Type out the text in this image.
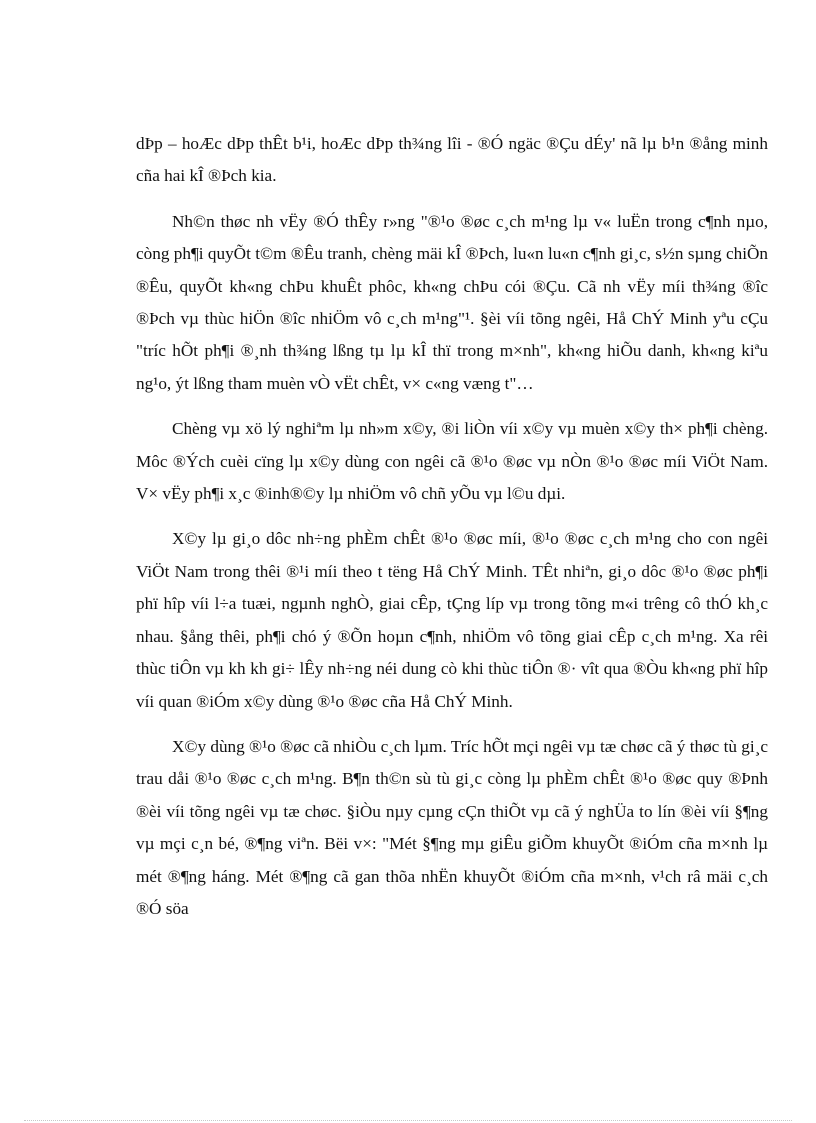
dÞp – hoÆc dÞp thÊt b¹i, hoÆc dÞp th¾ng lîi - ®Ó ngäc ®Çu dÉy' nã lµ b¹n ®ång minh cña hai kÎ ®Þch kia.

Nh©n thøc nh vËy ®Ó thÊy r»ng "®¹o ®øc c¸ch m¹ng lµ v« luËn trong c¶nh nµo, còng ph¶i quyÕt t©m ®Êu tranh, chèng mäi kÎ ®Þch, lu«n lu«n c¶nh gi¸c, s½n sµng chiÕn ®Êu, quyÕt kh«ng chÞu khuÊt phôc, kh«ng chÞu cói ®Çu. Cã nh vËy míi th¾ng ®îc ®Þch vµ thùc hiÖn ®îc nhiÖm vô c¸ch m¹ng"¹. §èi víi tõng ngêi, Hå ChÝ Minh yªu cÇu "tríc hÕt ph¶i ®¸nh th¾ng lßng tµ lµ kÎ thï trong m×nh", kh«ng hiÕu danh, kh«ng kiªu ng¹o, ýt lßng tham muèn vÒ vËt chÊt, v× c«ng væng t"…

Chèng vµ xö lý nghiªm lµ nh»m x©y, ®i liÒn víi x©y vµ muèn x©y th× ph¶i chèng. Môc ®Ých cuèi cïng lµ x©y dùng con ngêi cã ®¹o ®øc vµ nÒn ®¹o ®øc míi ViÖt Nam. V× vËy ph¶i x¸c ®inh®©y lµ nhiÖm vô chñ yÕu vµ l©u dµi.

X©y lµ gi¸o dôc nh÷ng phÈm chÊt ®¹o ®øc míi, ®¹o ®øc c¸ch m¹ng cho con ngêi ViÖt Nam trong thêi ®¹i míi theo t tëng Hå ChÝ Minh. TÊt nhiªn, gi¸o dôc ®¹o ®øc ph¶i phï hîp víi l÷a tuæi, ngµnh nghÒ, giai cÊp, tÇng líp vµ trong tõng m«i trêng cô thÓ kh¸c nhau. §ång thêi, ph¶i chó ý ®Õn hoµn c¶nh, nhiÖm vô tõng giai cÊp c¸ch m¹ng. Xa rêi thùc tiÔn vµ kh kh gi÷ lÊy nh÷ng néi dung cò khi thùc tiÔn ®· vît qua ®Òu kh«ng phï hîp víi quan ®iÓm x©y dùng ®¹o ®øc cña Hå ChÝ Minh.

X©y dùng ®¹o ®øc cã nhiÒu c¸ch lµm. Tríc hÕt mçi ngêi vµ tæ chøc cã ý thøc tù gi¸c trau dåi ®¹o ®øc c¸ch m¹ng. B¶n th©n sù tù gi¸c còng lµ phÈm chÊt ®¹o ®øc quy ®Þnh ®èi víi tõng ngêi vµ tæ chøc. §iÒu nµy cµng cÇn thiÕt vµ cã ý nghÜa to lín ®èi víi §¶ng vµ mçi c¸n bé, ®¶ng viªn. Bëi v×: "Mét §¶ng mµ giÊu giÕm khuyÕt ®iÓm cña m×nh lµ mét ®¶ng háng. Mét ®¶ng cã gan thõa nhËn khuyÕt ®iÓm cña m×nh, v¹ch râ mäi c¸ch ®Ó söa
